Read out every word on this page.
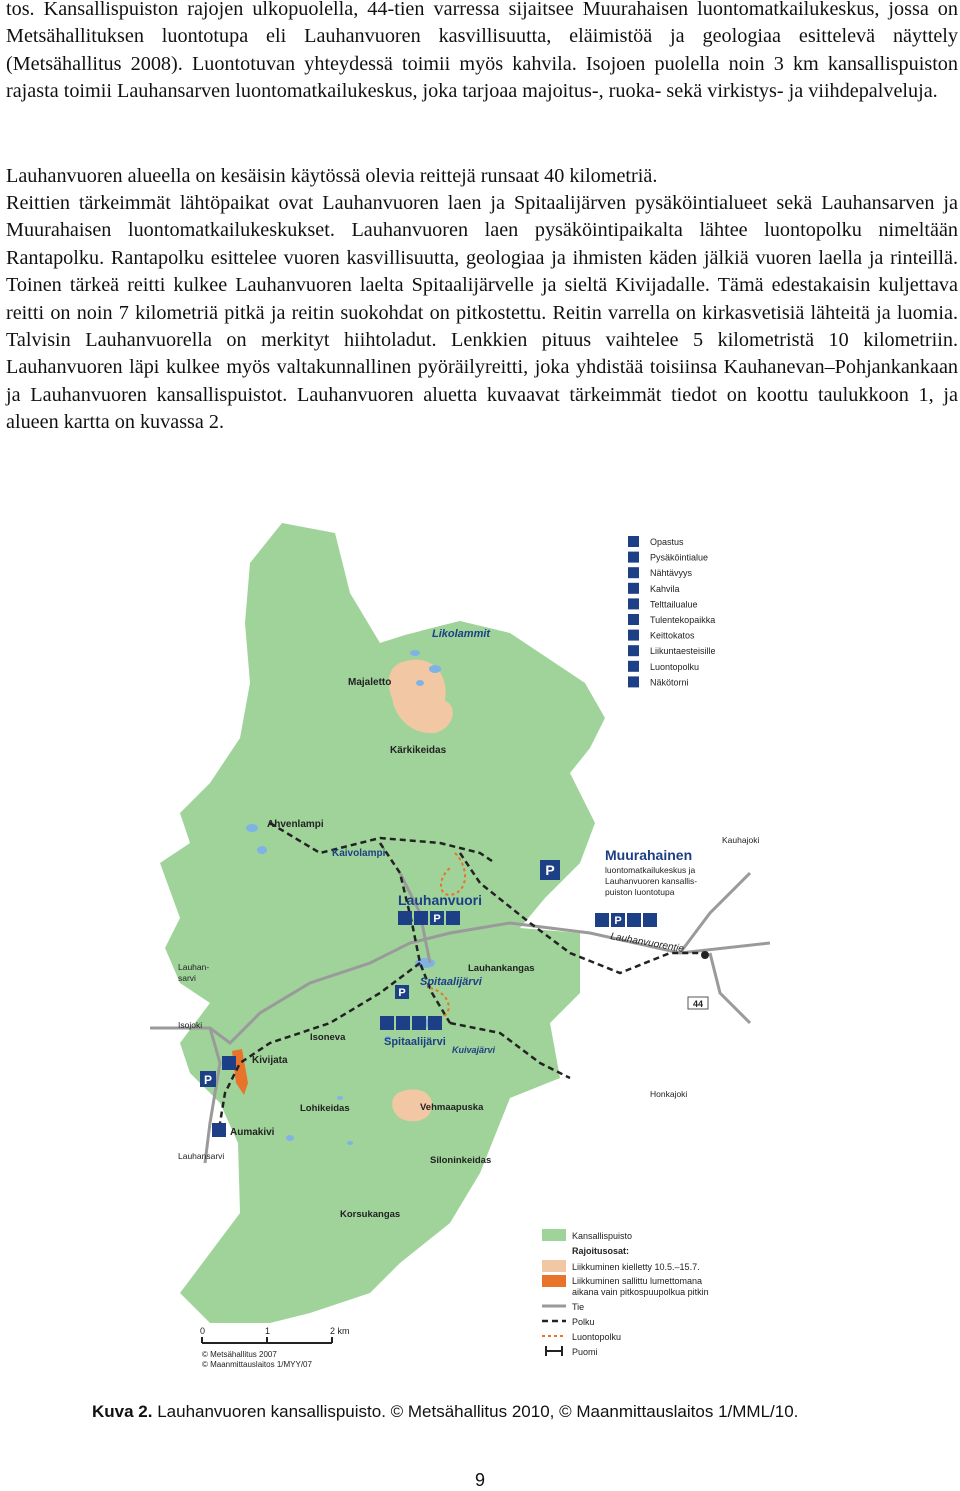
tos. Kansallispuiston rajojen ulkopuolella, 44-tien varressa sijaitsee Muurahaisen luontomatkailukeskus, jossa on Metsähallituksen luontotupa eli Lauhanvuoren kasvillisuutta, eläimistöä ja geologiaa esittelevä näyttely (Metsähallitus 2008). Luontotuvan yhteydessä toimii myös kahvila. Isojoen puolella noin 3 km kansallispuiston rajasta toimii Lauhansarven luontomatkailukeskus, joka tarjoaa majoitus-, ruoka- sekä virkistys- ja viihdepalveluja.

Lauhanvuoren alueella on kesäisin käytössä olevia reittejä runsaat 40 kilometriä.

Reittien tärkeimmät lähtöpaikat ovat Lauhanvuoren laen ja Spitaalijärven pysäköintialueet sekä Lauhansarven ja Muurahaisen luontomatkailukeskukset. Lauhanvuoren laen pysäköintipaikalta lähtee luontopolku nimeltään Rantapolku. Rantapolku esittelee vuoren kasvillisuutta, geologiaa ja ihmisten käden jälkiä vuoren laella ja rinteillä. Toinen tärkeä reitti kulkee Lauhanvuoren laelta Spitaalijärvelle ja sieltä Kivijadalle. Tämä edestakaisin kuljettava reitti on noin 7 kilometriä pitkä ja reitin suokohdat on pitkostettu. Reitin varrella on kirkasvetisiä lähteitä ja luomia. Talvisin Lauhanvuorella on merkityt hiihtoladut. Lenkkien pituus vaihtelee 5 kilometristä 10 kilometriin. Lauhanvuoren läpi kulkee myös valtakunnallinen pyöräilyreitti, joka yhdistää toisiinsa Kauhanevan–Pohjankankaan ja Lauhanvuoren kansallispuistot. Lauhanvuoren aluetta kuvaavat tärkeimmät tiedot on koottu taulukkoon 1, ja alueen kartta on kuvassa 2.

P
P
P
P
P
Likolammit
Majaletto
Kärkikeidas
Ahvenlampi
Kaivolampi
Lauhanvuori
Muurahainen
luontomatkailukeskus ja
Lauhanvuoren kansallis-
puiston luontotupa
Kauhajoki
Lauhanvuorentie
Lauhan-
sarvi
Lauhankangas
Spitaalijärvi
Isojoki
Isoneva	Spitaalijärvi
Kivijata
Kuivajärvi
Lohikeidas	Vehmaapuska
Honkajoki
Aumakivi
Lauhansarvi	Siloninkeidas
Korsukangas
44
Opastus
Pysäköintialue
Nähtävyys
Kahvila
Telttailualue
Tulentekopaikka
Keittokatos
Liikuntaesteisille
Luontopolku
Näkötorni
Kansallispuisto
Rajoitusosat:
Liikkuminen kielletty 10.5.–15.7.
Liikkuminen sallittu lumettomana
aikana vain pitkospuupolkua pitkin
Tie
Polku
Luontopolku
Puomi
0	1	2 km
© Metsähallitus 2007
© Maanmittauslaitos 1/MYY/07
Kuva 2. Lauhanvuoren kansallispuisto. © Metsähallitus 2010, © Maanmittauslaitos 1/MML/10.
9
